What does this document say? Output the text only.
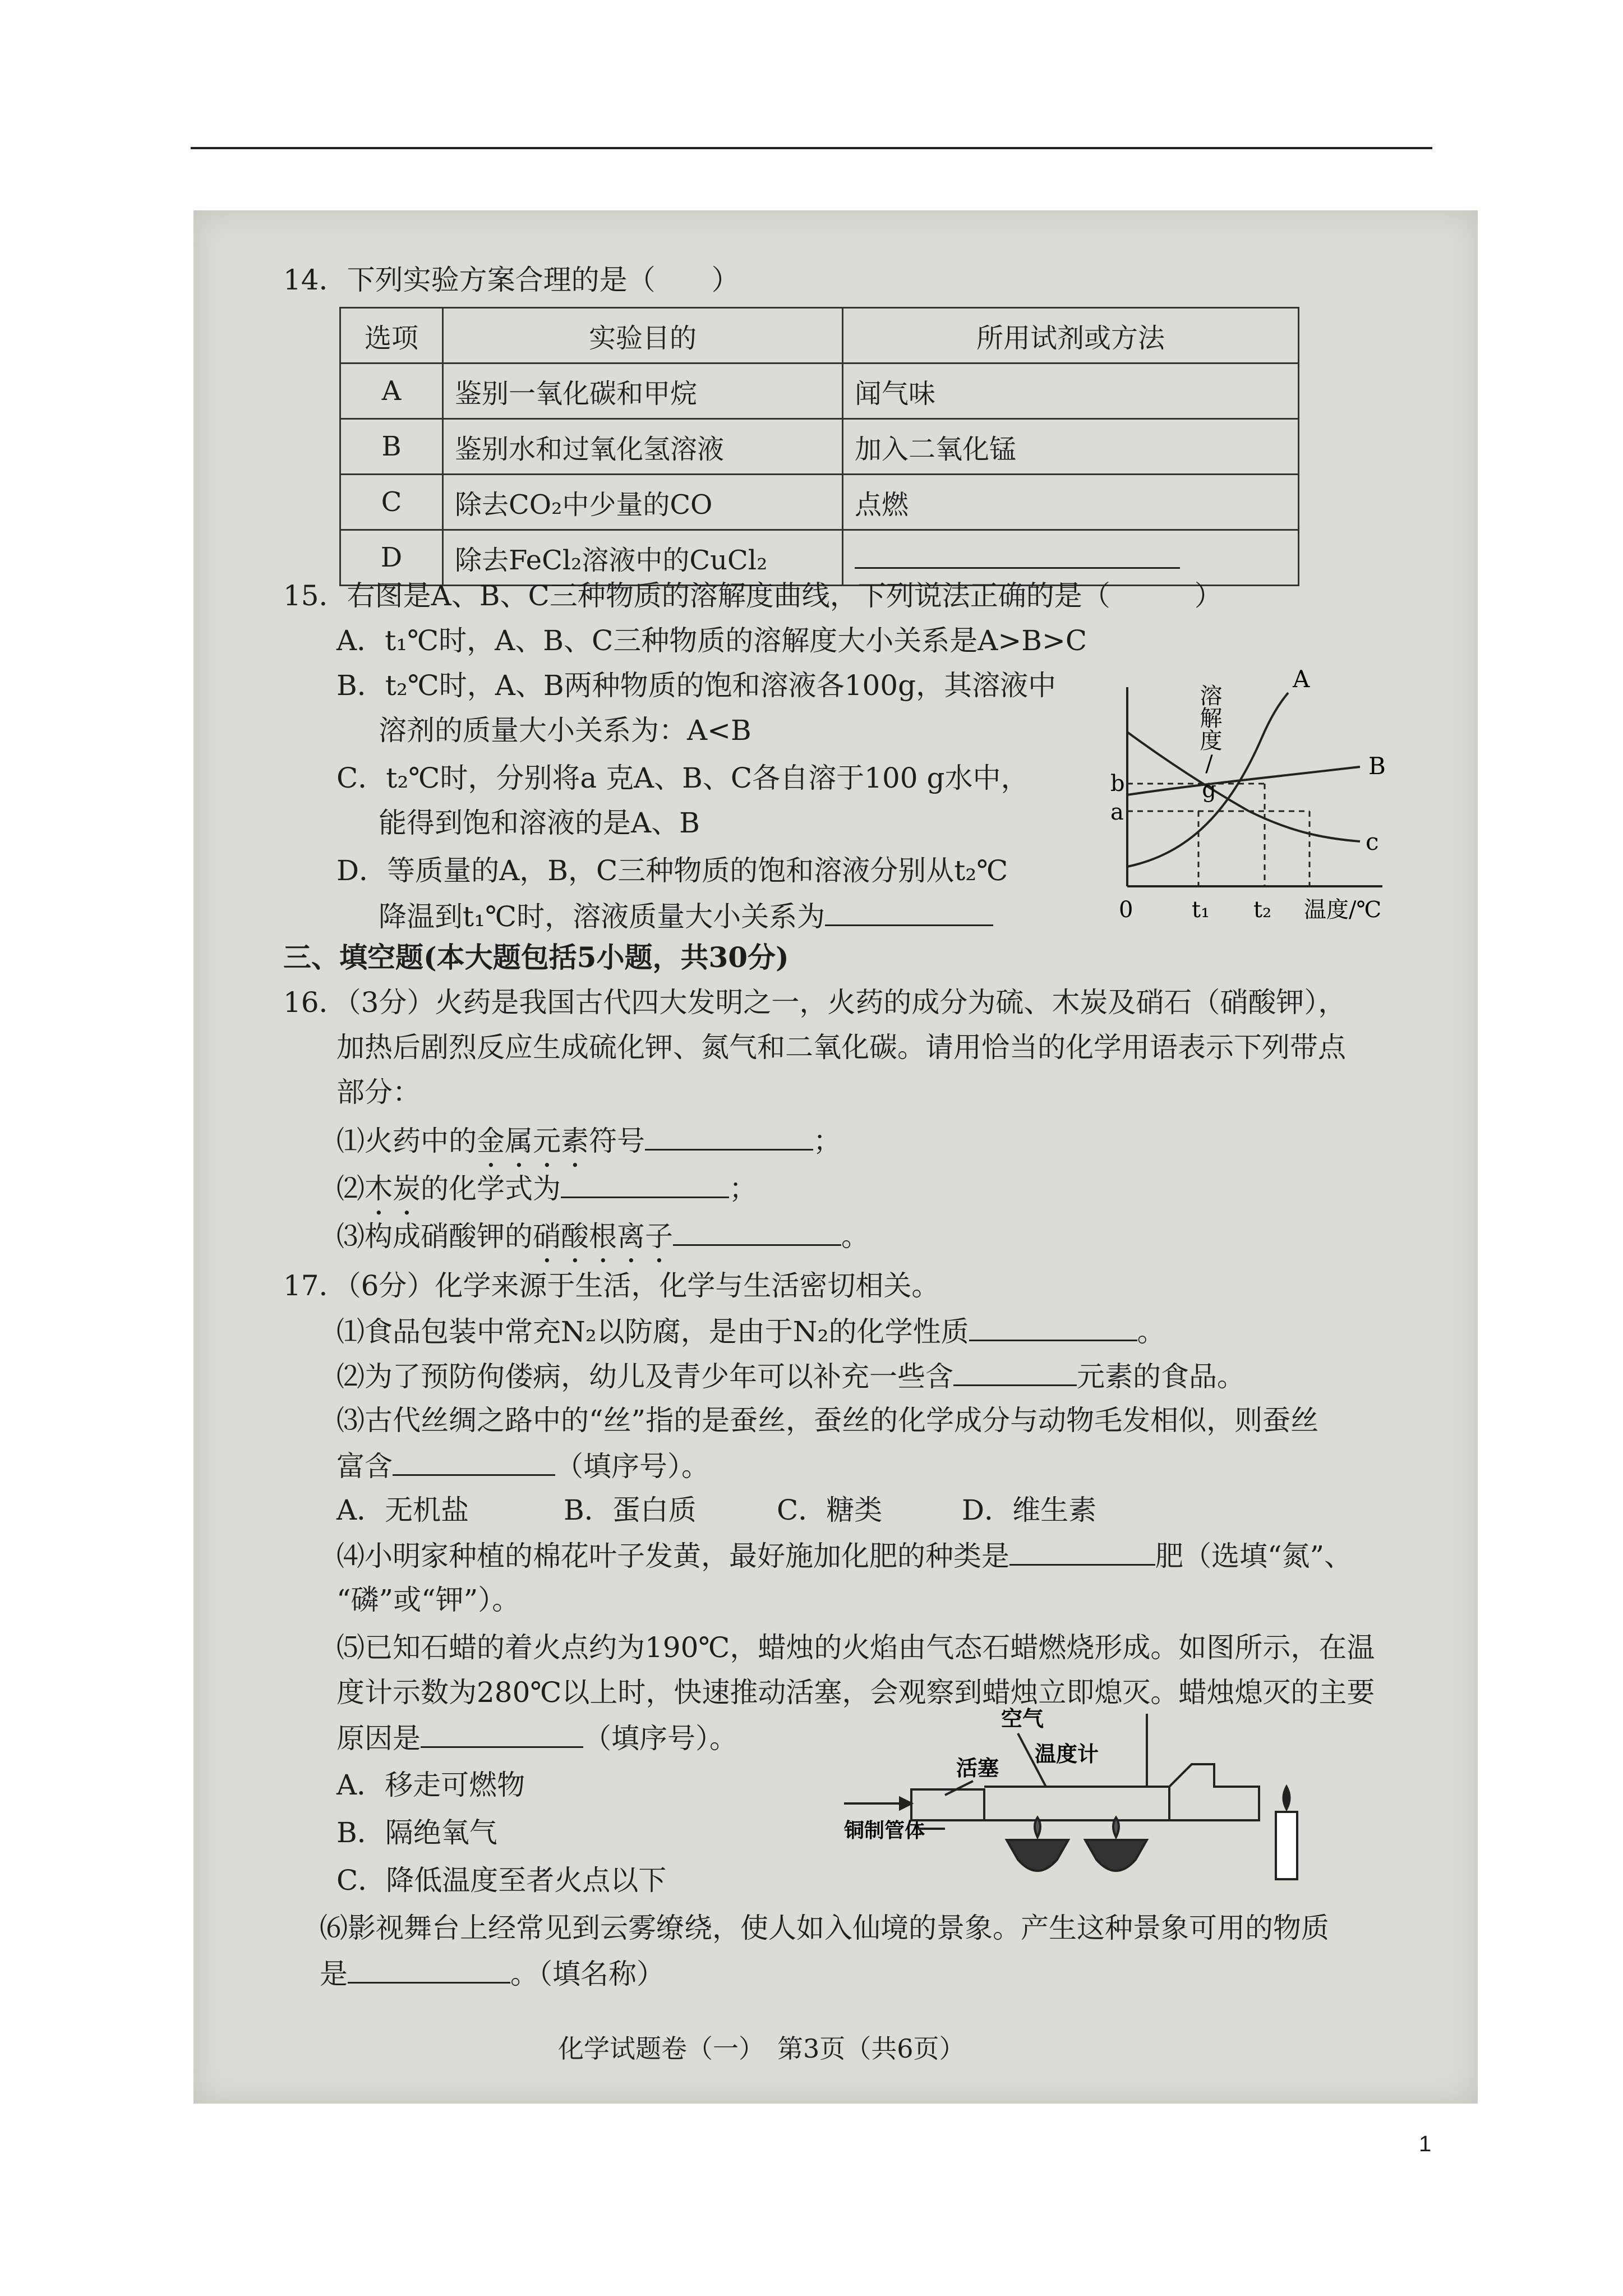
14．下列实验方案合理的是（　　）
选项	实验目的	所用试剂或方法
A	鉴别一氧化碳和甲烷	闻气味
B	鉴别水和过氧化氢溶液	加入二氧化锰
C	除去CO₂中少量的CO	点燃
D	除去FeCl₂溶液中的CuCl₂	
15．右图是A、B、C三种物质的溶解度曲线，下列说法正确的是（　　　）
A．t₁℃时，A、B、C三种物质的溶解度大小关系是A>B>C
B．t₂℃时，A、B两种物质的饱和溶液各100g，其溶液中
溶剂的质量大小关系为：A<B
C．t₂℃时，分别将a 克A、B、C各自溶于100 g水中，
能得到饱和溶液的是A、B
D．等质量的A，B，C三种物质的饱和溶液分别从t₂℃
降温到t₁℃时，溶液质量大小关系为
溶解度/g
b
a
0	t₁ t₂ 温度/℃
A
B
c
三、填空题(本大题包括5小题，共30分)
16．（3分）火药是我国古代四大发明之一，火药的成分为硫、木炭及硝石（硝酸钾），
加热后剧烈反应生成硫化钾、氮气和二氧化碳。请用恰当的化学用语表示下列带点
部分：
⑴火药中的金属元素符号	；
⑵木炭的化学式为	；
⑶构成硝酸钾的硝酸根离子	。
17．（6分）化学来源于生活，化学与生活密切相关。
⑴食品包装中常充N₂以防腐，是由于N₂的化学性质	。
⑵为了预防佝偻病，幼儿及青少年可以补充一些含	元素的食品。
⑶古代丝绸之路中的“丝”指的是蚕丝，蚕丝的化学成分与动物毛发相似，则蚕丝
富含	（填序号）。
A．无机盐	B．蛋白质	C．糖类	D．维生素
⑷小明家种植的棉花叶子发黄，最好施加化肥的种类是	肥（选填“氮”、
“磷”或“钾”）。
⑸已知石蜡的着火点约为190℃，蜡烛的火焰由气态石蜡燃烧形成。如图所示，在温
度计示数为280℃以上时，快速推动活塞，会观察到蜡烛立即熄灭。蜡烛熄灭的主要
原因是	（填序号）。
A．移走可燃物
B．隔绝氧气
C．降低温度至者火点以下
空气
温度计
活塞
铜制管体
⑹影视舞台上经常见到云雾缭绕，使人如入仙境的景象。产生这种景象可用的物质
是	。（填名称）
化学试题卷（一）　第3页（共6页）
1
